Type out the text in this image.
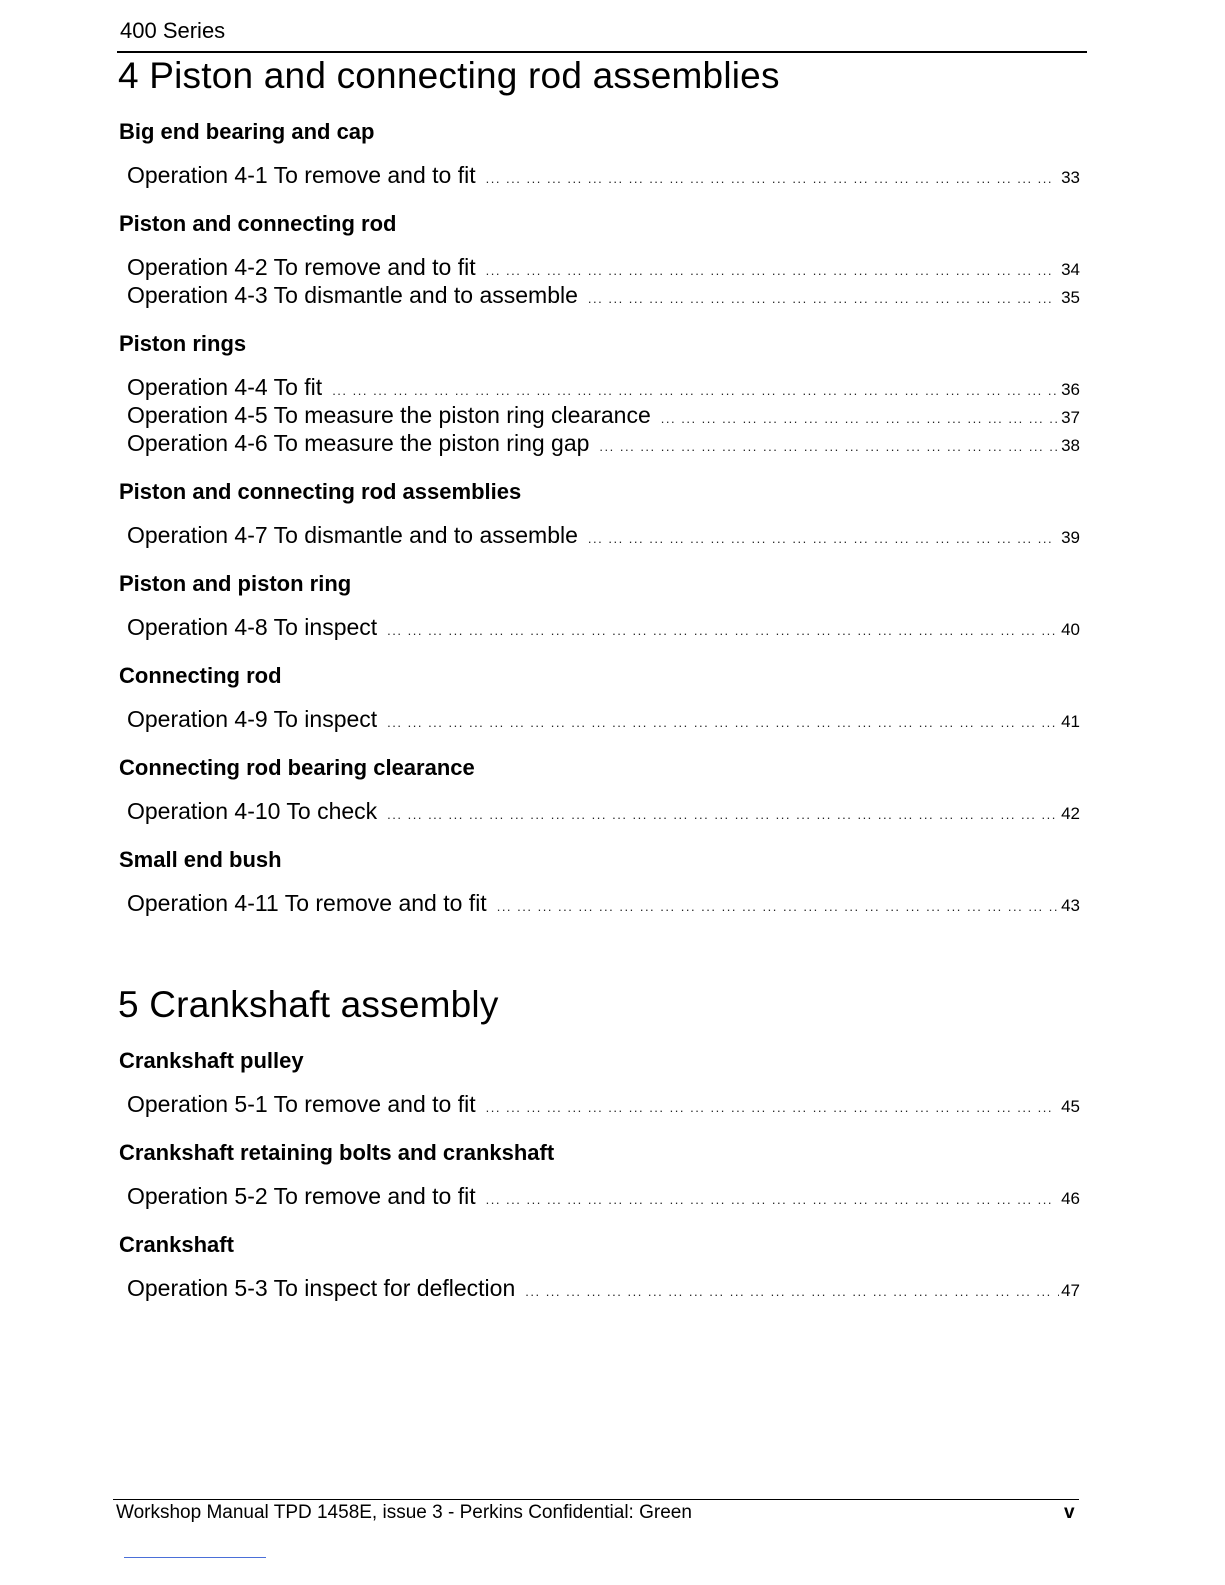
400 Series
4 Piston and connecting rod assemblies
Big end bearing and cap
Operation 4-1 To remove and to fit ... .	33
Piston and connecting rod
Operation 4-2 To remove and to fit ... .	34
Operation 4-3 To dismantle and to assemble ... .	35
Piston rings
Operation 4-4 To fit ... .	36
Operation 4-5 To measure the piston ring clearance ... .	37
Operation 4-6 To measure the piston ring gap ... .	38
Piston and connecting rod assemblies
Operation 4-7 To dismantle and to assemble ... .	39
Piston and piston ring
Operation 4-8 To inspect ... .	40
Connecting rod
Operation 4-9 To inspect ... .	41
Connecting rod bearing clearance
Operation 4-10 To check ... .	42
Small end bush
Operation 4-11 To remove and to fit ... .	43
5 Crankshaft assembly
Crankshaft pulley
Operation 5-1 To remove and to fit ... .	45
Crankshaft retaining bolts and crankshaft
Operation 5-2 To remove and to fit ... .	46
Crankshaft
Operation 5-3 To inspect for deflection ... .	47
Workshop Manual TPD 1458E, issue 3 - Perkins Confidential: Green	v
